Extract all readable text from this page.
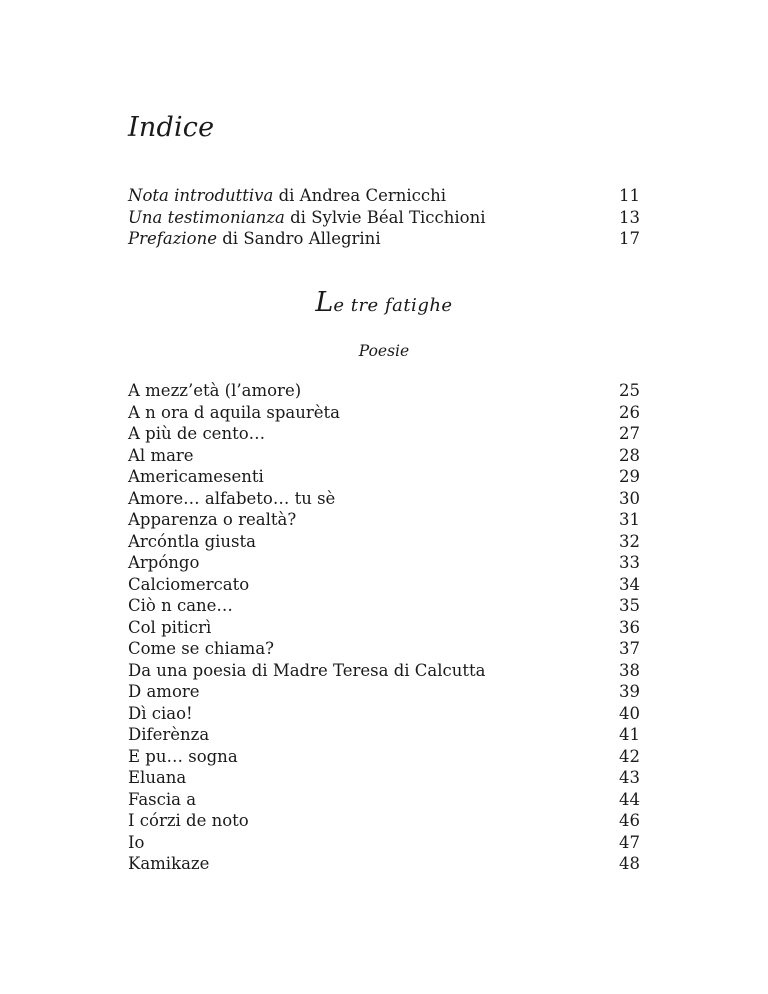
Indice
Nota introduttiva di Andrea Cernicchi	11
Una testimonianza di Sylvie Béal Ticchioni	13
Prefazione di Sandro Allegrini	17
Le tre fatighe
Poesie
A mezz’età (l’amore)	25
A n ora d aquila spaurèta	26
A più de cento…	27
Al mare	28
Americamesenti	29
Amore… alfabeto… tu sè	30
Apparenza o realtà?	31
Arcóntla giusta	32
Arpóngo	33
Calciomercato	34
Ciò n cane…	35
Col piticrì	36
Come se chiama?	37
Da una poesia di Madre Teresa di Calcutta	38
D amore	39
Dì ciao!	40
Diferènza	41
E pu… sogna	42
Eluana	43
Fascia a	44
I córzi de noto	46
Io	47
Kamikaze	48
